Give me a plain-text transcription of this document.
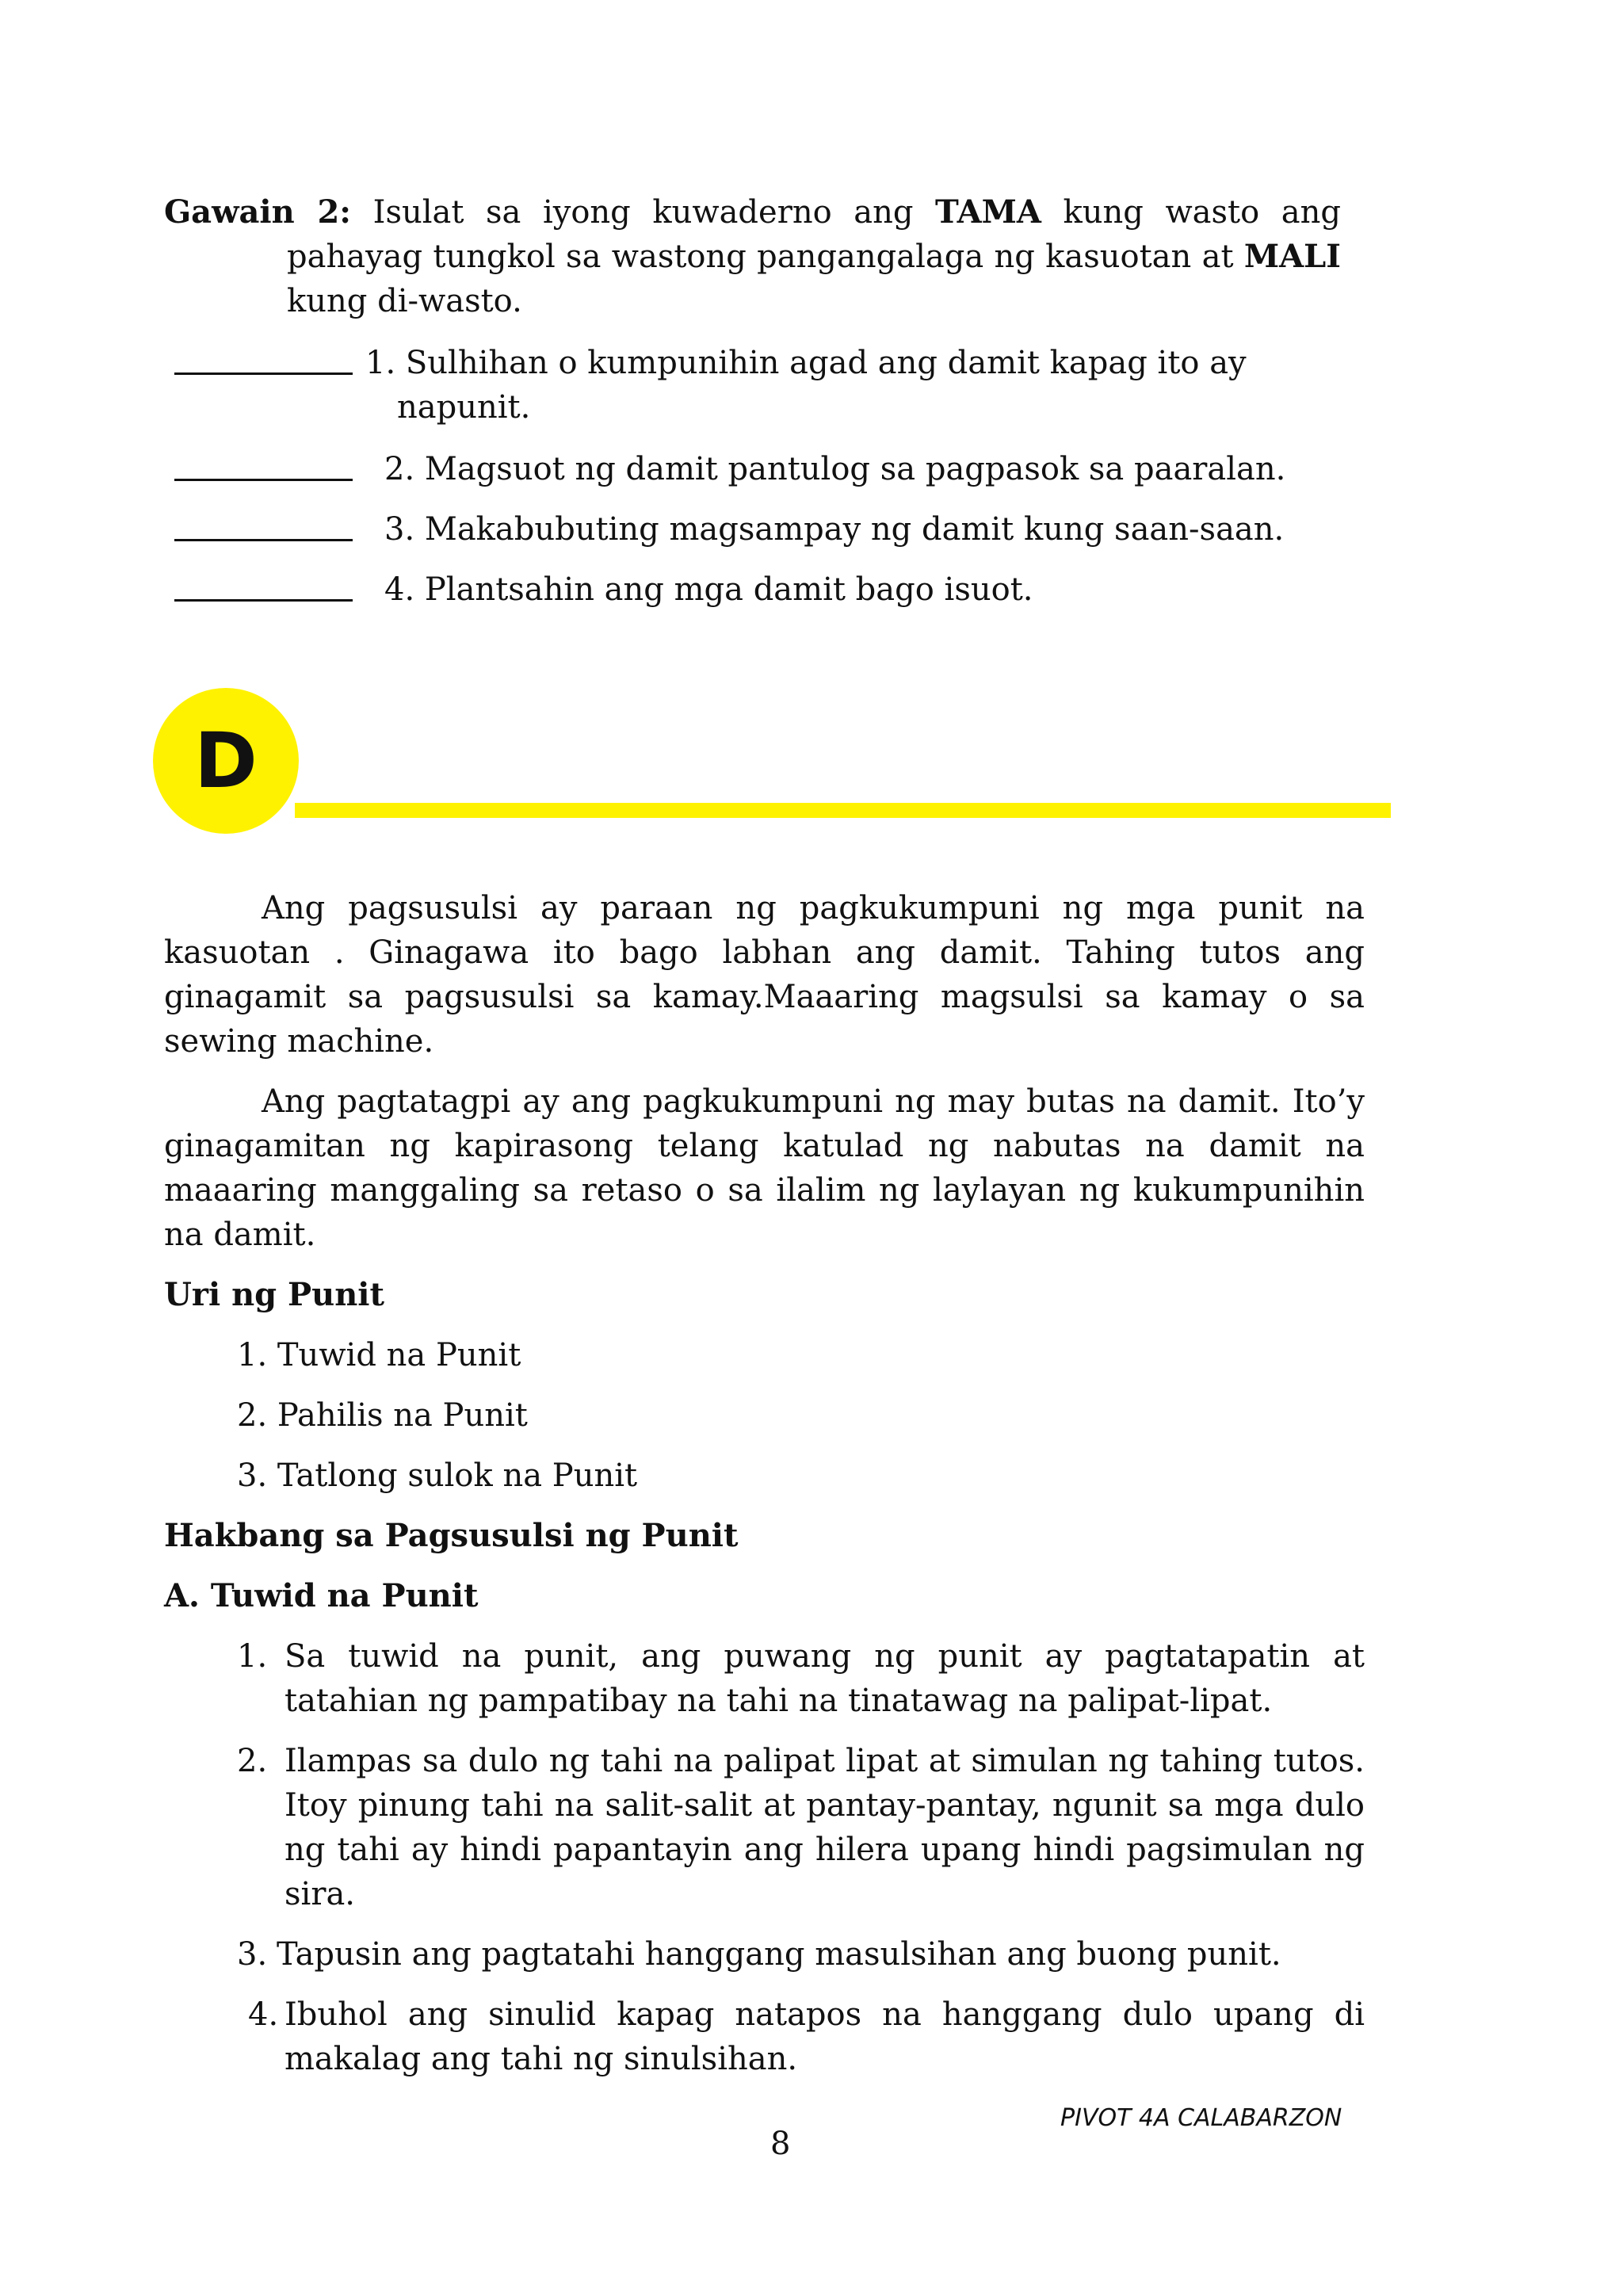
Gawain 2: Isulat sa iyong kuwaderno ang TAMA kung wasto ang pahayag tungkol sa wastong pangangalaga ng kasuotan at MALI kung di-wasto.

1. Sulhihan o kumpunihin agad ang damit kapag ito ay
napunit.
2. Magsuot ng damit pantulog sa pagpasok sa paaralan.
3. Makabubuting magsampay ng damit kung saan-saan.
4. Plantsahin ang mga damit bago isuot.
D

Ang pagsusulsi ay paraan ng pagkukumpuni ng mga punit na kasuotan . Ginagawa ito bago labhan ang damit. Tahing tutos ang ginagamit sa pagsusulsi sa kamay.Maaaring magsulsi sa kamay o sa sewing machine.

Ang pagtatagpi ay ang pagkukumpuni ng may butas na damit. Ito’y ginagamitan ng kapirasong telang katulad ng nabutas na damit na maaaring manggaling sa retaso o sa ilalim ng laylayan ng kukumpunihin na damit.

Uri ng Punit

1. Tuwid na Punit

2. Pahilis na Punit

3. Tatlong sulok na Punit

Hakbang sa Pagsusulsi ng Punit

A. Tuwid na Punit

1. Sa tuwid na punit, ang puwang ng punit ay pagtatapatin at tatahian ng pampatibay na tahi na tinatawag na palipat-lipat.
2. Ilampas sa dulo ng tahi na palipat lipat at simulan ng tahing tutos. Itoy pinung tahi na salit-salit at pantay-pantay, ngunit sa mga dulo ng tahi ay hindi papantayin ang hilera upang hindi pagsimulan ng sira.
3. Tapusin ang pagtatahi hanggang masulsihan ang buong punit.
4. Ibuhol ang sinulid kapag natapos na hanggang dulo upang di makalag ang tahi ng sinulsihan.
PIVOT 4A CALABARZON
8
